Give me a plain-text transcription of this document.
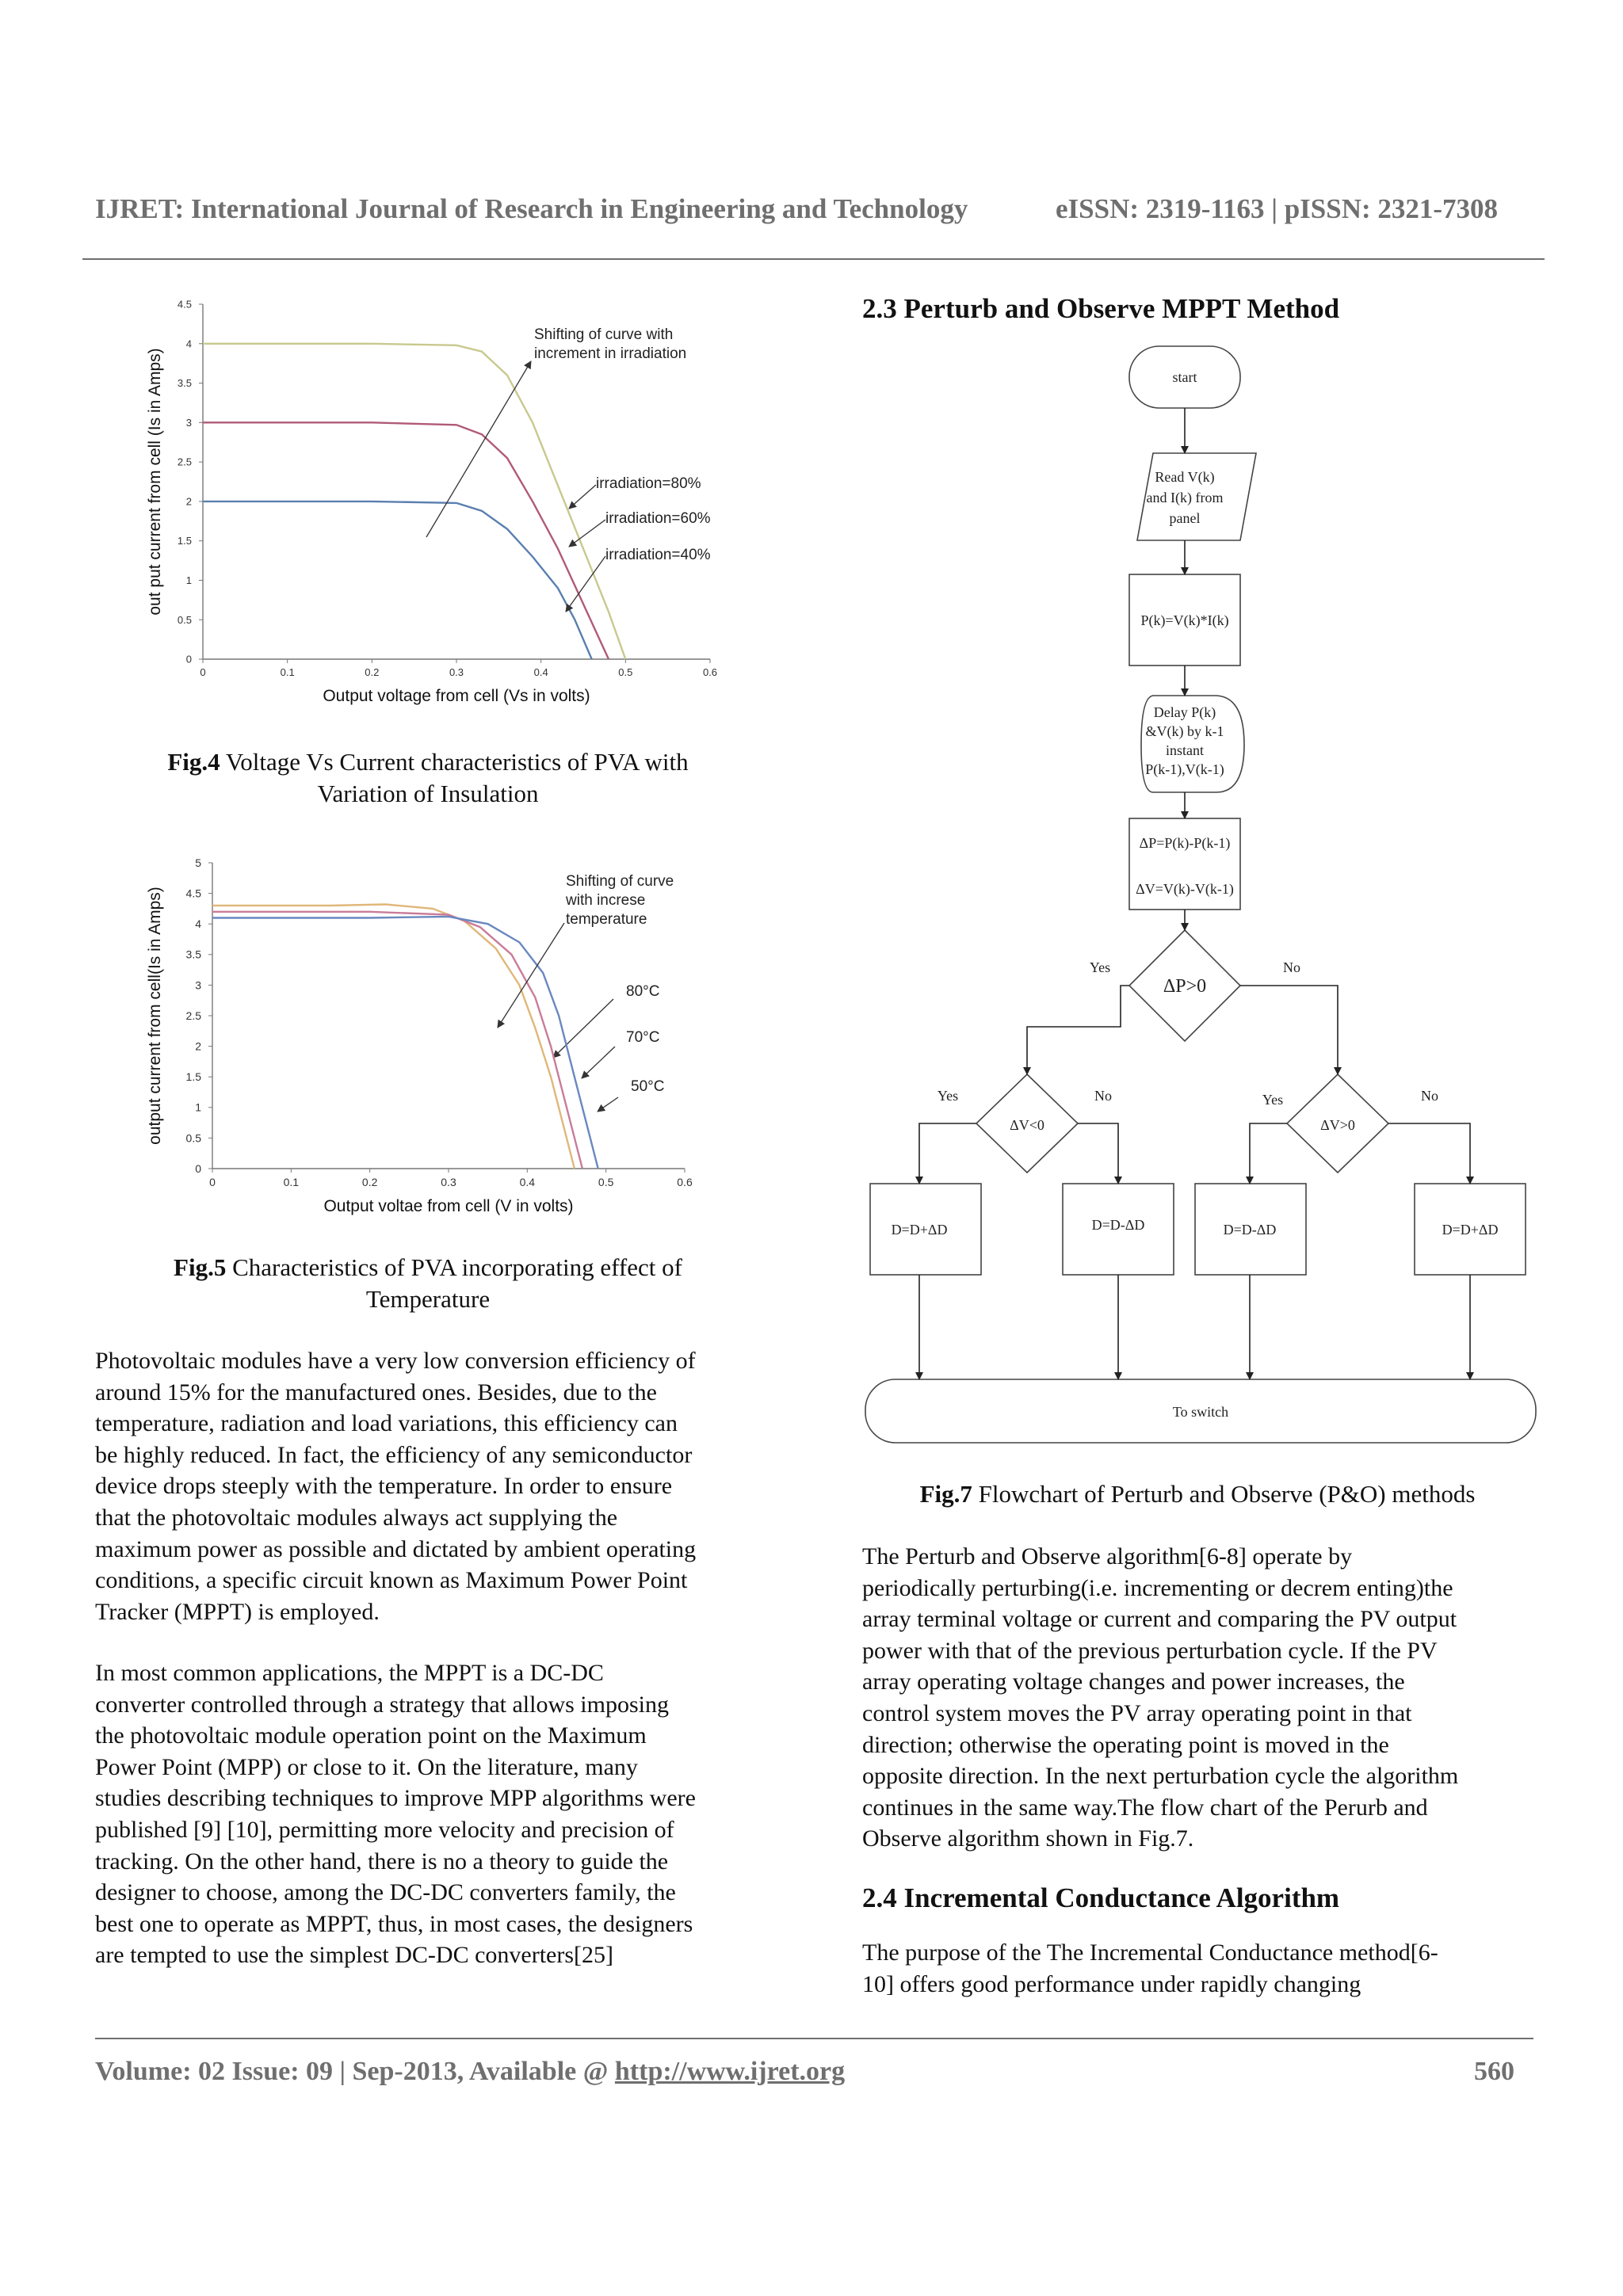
IJRET: International Journal of Research in Engineering and Technology	eISSN: 2319-1163 | pISSN: 2321-7308
0	0.1	0.2	0.3	0.4	0.5	0.6
0
0.5
1
1.5
2
2.5
3
3.5
4
4.5
Output voltage from cell (Vs in volts)
out put current from cell (Is in Amps)	irradiation=80%
irradiation=60%
irradiation=40%
Shifting of curve with
increment in irradiation
Fig.4 Voltage Vs Current characteristics of PVA with
Variation of Insulation
0	0.1	0.2	0.3	0.4	0.5	0.6
0
0.5
1
1.5
2
2.5
3
3.5
4
4.5
5
Output voltae from cell (V in volts)
output current from cell(Is in Amps)	80°C
70°C
50°C
Shifting of curve
with increse
temperature
Fig.5 Characteristics of PVA incorporating effect of
Temperature

Photovoltaic modules have a very low conversion efficiency of

around 15% for the manufactured ones. Besides, due to the

temperature, radiation and load variations, this efficiency can

be highly reduced. In fact, the efficiency of any semiconductor

device drops steeply with the temperature. In order to ensure

that the photovoltaic modules always act supplying the

maximum power as possible and dictated by ambient operating

conditions, a specific circuit known as Maximum Power Point

Tracker (MPPT) is employed.

In most common applications, the MPPT is a DC-DC

converter controlled through a strategy that allows imposing

the photovoltaic module operation point on the Maximum

Power Point (MPP) or close to it. On the literature, many

studies describing techniques to improve MPP algorithms were

published [9] [10], permitting more velocity and precision of

tracking. On the other hand, there is no a theory to guide the

designer to choose, among the DC-DC converters family, the

best one to operate as MPPT, thus, in most cases, the designers

are tempted to use the simplest DC-DC converters[25]

2.3 Perturb and Observe MPPT Method
start
Read V(k)
and I(k) from
panel
P(k)=V(k)*I(k)
Delay P(k)
&V(k) by k-1
instant
P(k-1),V(k-1)
ΔP=P(k)-P(k-1)
ΔV=V(k)-V(k-1)
ΔP>0
ΔV<0	ΔV>0
Yes	No
Yes	No	Yes	No
D=D+ΔD	D=D-ΔD	D=D-ΔD	D=D+ΔD
To switch
Fig.7 Flowchart of Perturb and Observe (P&O) methods

The Perturb and Observe algorithm[6-8] operate by

periodically perturbing(i.e. incrementing or decrem enting)the

array terminal voltage or current and comparing the PV output

power with that of the previous perturbation cycle. If the PV

array operating voltage changes and power increases, the

control system moves the PV array operating point in that

direction; otherwise the operating point is moved in the

opposite direction. In the next perturbation cycle the algorithm

continues in the same way.The flow chart of the Perurb and

Observe algorithm shown in Fig.7.

2.4 Incremental Conductance Algorithm

The purpose of the The Incremental Conductance method[6-

10] offers good performance under rapidly changing

Volume: 02 Issue: 09 | Sep-2013, Available @ http://www.ijret.org	560
